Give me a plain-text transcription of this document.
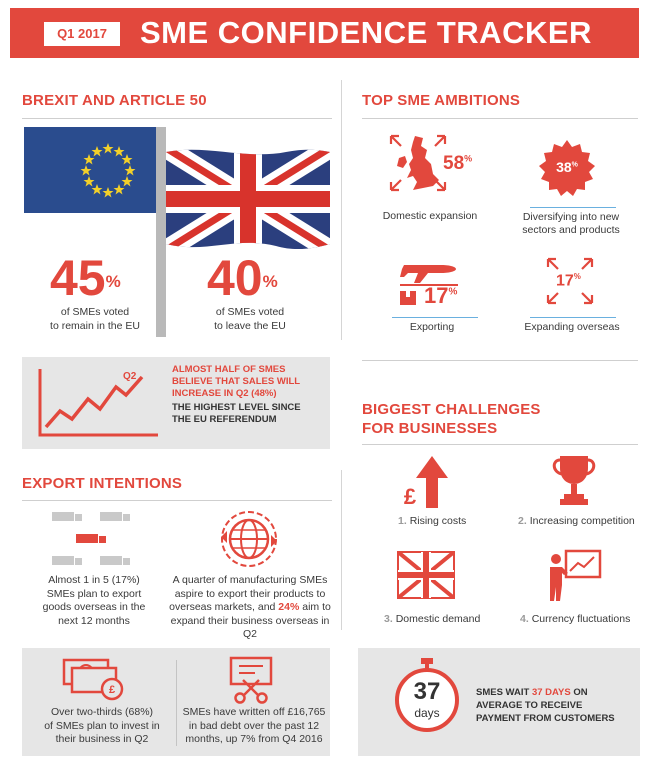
Q1 2017	SME CONFIDENCE TRACKER
BREXIT AND ARTICLE 50
45%
of SMEs voted
to remain in the EU
40%
of SMEs voted
to leave the EU
Q2
ALMOST HALF OF SMES
BELIEVE THAT SALES WILL
INCREASE IN Q2 (48%)
THE HIGHEST LEVEL SINCE
THE EU REFERENDUM
EXPORT INTENTIONS
Almost 1 in 5 (17%)
SMEs plan to export
goods overseas in the
next 12 months
A quarter of manufacturing SMEs
aspire to export their products to
overseas markets, and 24% aim to
expand their business overseas in Q2
£
Over two-thirds (68%)
of SMEs plan to invest in
their business in Q2
SMEs have written off £16,765
in bad debt over the past 12
months, up 7% from Q4 2016
TOP SME AMBITIONS
58%
Domestic expansion
38%
Diversifying into new
sectors and products
17%
Exporting
17%
Expanding overseas
BIGGEST CHALLENGES
FOR BUSINESSES
£
1. Rising costs	2. Increasing competition
3. Domestic demand	4. Currency fluctuations
37
days
SMES WAIT 37 DAYS ON
AVERAGE TO RECEIVE
PAYMENT FROM CUSTOMERS
